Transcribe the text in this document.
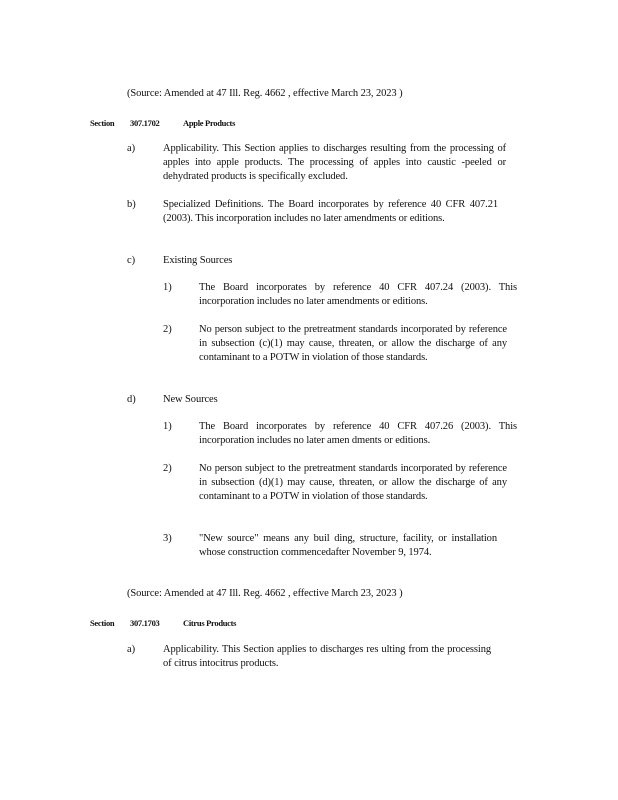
(Source: Amended at 47 Ill. Reg. 4662 , effective March 23, 2023 )
Section 307.1702	Apple Products
a)	Applicability. This Section applies to discharges resulting from the processing of apples into apple products. The processing of apples into caustic -peeled or dehydrated products is specifically excluded.
b)	Specialized Definitions. The Board incorporates by reference 40 CFR 407.21 (2003). This incorporation includes no later amendments or editions.
c)	Existing Sources
1)	The Board incorporates by reference 40 CFR 407.24 (2003). This incorporation includes no later amendments or editions.
2)	No person subject to the pretreatment standards incorporated by reference in subsection (c)(1) may cause, threaten, or allow the discharge of any contaminant to a POTW in violation of those standards.
d)	New Sources
1)	The Board incorporates by reference 40 CFR 407.26 (2003). This incorporation includes no later amen dments or editions.
2)	No person subject to the pretreatment standards incorporated by reference in subsection (d)(1) may cause, threaten, or allow the discharge of any contaminant to a POTW in violation of those standards.
3)	"New source" means any buil ding, structure, facility, or installation whose construction commencedafter November 9, 1974.
(Source: Amended at 47 Ill. Reg. 4662 , effective March 23, 2023 )
Section 307.1703	Citrus Products
a)	Applicability. This Section applies to discharges res ulting from the processing of citrus intocitrus products.
